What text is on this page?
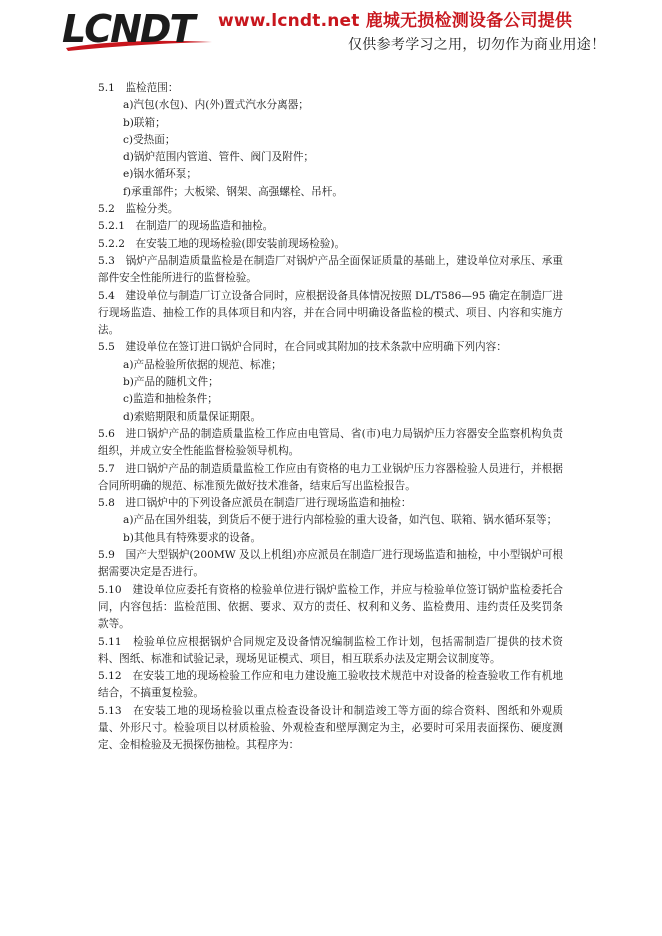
LCNDT www.lcndt.net 鹿城无损检测设备公司提供
仅供参考学习之用，切勿作为商业用途！

5.1　监检范围：

a)汽包(水包)、内(外)置式汽水分离器；

b)联箱；

c)受热面；

d)锅炉范围内管道、管件、阀门及附件；

e)锅水循环泵；

f)承重部件；大板梁、钢架、高强螺栓、吊杆。

5.2　监检分类。

5.2.1　在制造厂的现场监造和抽检。

5.2.2　在安装工地的现场检验(即安装前现场检验)。

5.3　锅炉产品制造质量监检是在制造厂对锅炉产品全面保证质量的基础上，建设单位对承压、承重部件安全性能所进行的监督检验。

5.4　建设单位与制造厂订立设备合同时，应根据设备具体情况按照 DL/T586—95 确定在制造厂进行现场监造、抽检工作的具体项目和内容，并在合同中明确设备监检的模式、项目、内容和实施方法。

5.5　建设单位在签订进口锅炉合同时，在合同或其附加的技术条款中应明确下列内容：

a)产品检验所依据的规范、标准；

b)产品的随机文件；

c)监造和抽检条件；

d)索赔期限和质量保证期限。

5.6　进口锅炉产品的制造质量监检工作应由电管局、省(市)电力局锅炉压力容器安全监察机构负责组织，并成立安全性能监督检验领导机构。

5.7　进口锅炉产品的制造质量监检工作应由有资格的电力工业锅炉压力容器检验人员进行，并根据合同所明确的规范、标准预先做好技术准备，结束后写出监检报告。

5.8　进口锅炉中的下列设备应派员在制造厂进行现场监造和抽检：

a)产品在国外组装，到货后不便于进行内部检验的重大设备，如汽包、联箱、锅水循环泵等；

b)其他具有特殊要求的设备。

5.9　国产大型锅炉(200MW 及以上机组)亦应派员在制造厂进行现场监造和抽检，中小型锅炉可根据需要决定是否进行。

5.10　建设单位应委托有资格的检验单位进行锅炉监检工作，并应与检验单位签订锅炉监检委托合同，内容包括：监检范围、依据、要求、双方的责任、权利和义务、监检费用、违约责任及奖罚条款等。

5.11　检验单位应根据锅炉合同规定及设备情况编制监检工作计划，包括需制造厂提供的技术资料、图纸、标准和试验记录，现场见证模式、项目，相互联系办法及定期会议制度等。

5.12　在安装工地的现场检验工作应和电力建设施工验收技术规范中对设备的检查验收工作有机地结合，不搞重复检验。

5.13　在安装工地的现场检验以重点检查设备设计和制造竣工等方面的综合资料、图纸和外观质量、外形尺寸。检验项目以材质检验、外观检查和壁厚测定为主，必要时可采用表面探伤、硬度测定、金相检验及无损探伤抽检。其程序为：
